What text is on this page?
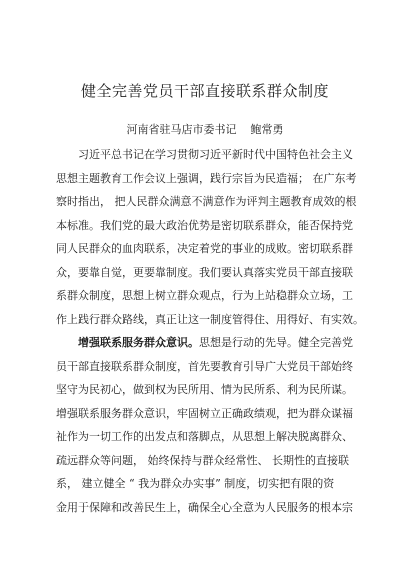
健全完善党员干部直接联系群众制度
河南省驻马店市委书记 鲍常勇
习近平总书记在学习贯彻习近平新时代中国特色社会主义
思想主题教育工作会议上强调，践行宗旨为民造福； 在广东考
察时指出， 把人民群众满意不满意作为评判主题教育成效的根
本标准。我们党的最大政治优势是密切联系群众，能否保持党
同人民群众的血肉联系，决定着党的事业的成败。密切联系群
众，要靠自觉，更要靠制度。我们要认真落实党员干部直接联
系群众制度，思想上树立群众观点，行为上站稳群众立场，工
作上践行群众路线，真正让这一制度管得住、用得好、有实效。
增强联系服务群众意识。思想是行动的先导。健全完善党
员干部直接联系群众制度，首先要教育引导广大党员干部始终
坚守为民初心，做到权为民所用、情为民所系、利为民所谋。
增强联系服务群众意识，牢固树立正确政绩观，把为群众谋福
祉作为一切工作的出发点和落脚点，从思想上解决脱离群众、
疏远群众等问题， 始终保持与群众经常性、 长期性的直接联
系， 建立健全 “ 我为群众办实事” 制度，切实把有限的资
金用于保障和改善民生上，确保全心全意为人民服务的根本宗
